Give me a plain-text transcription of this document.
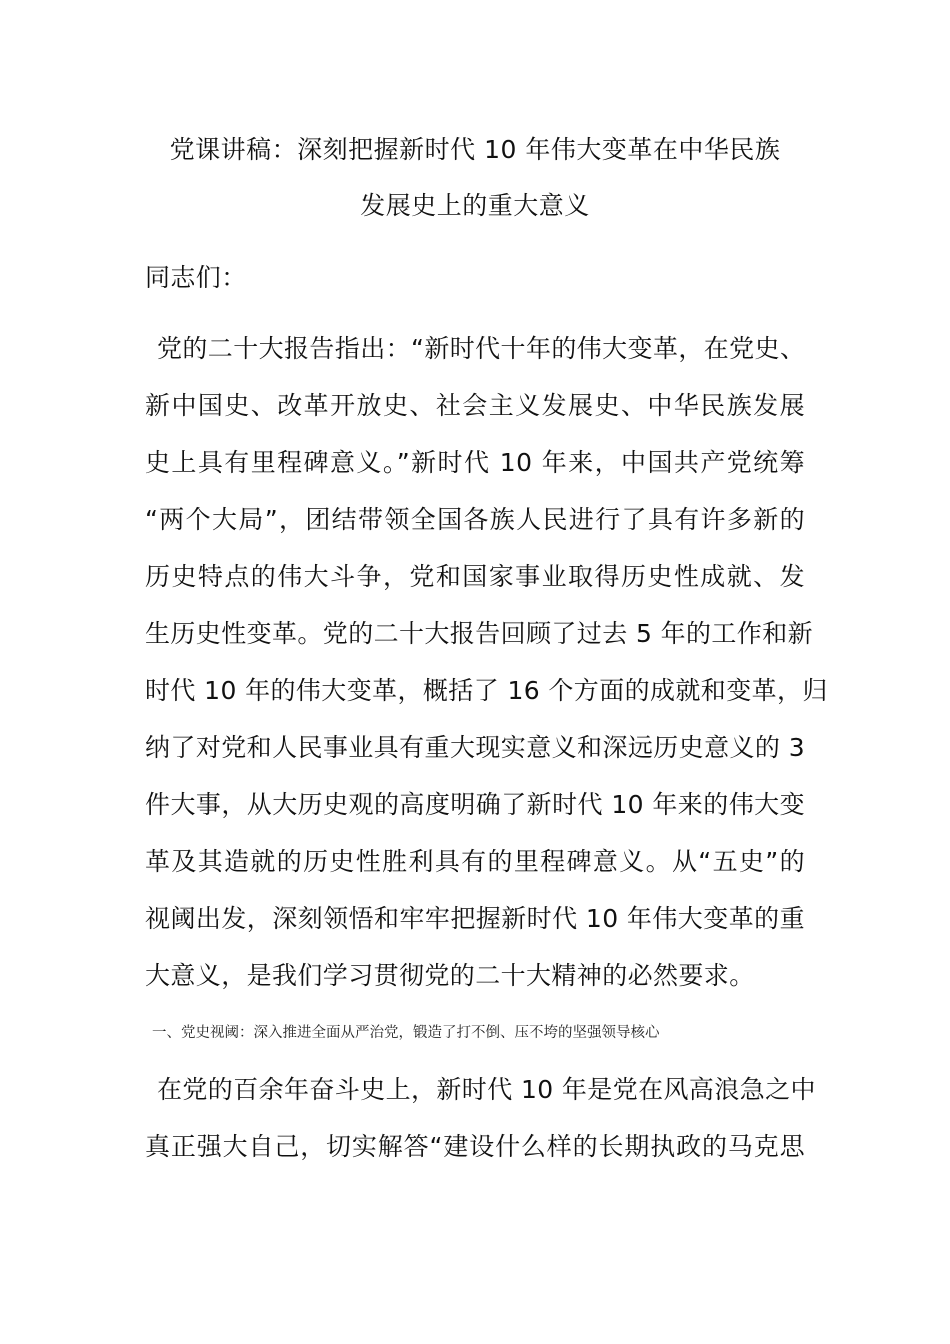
党课讲稿：深刻把握新时代 10 年伟大变革在中华民族
发展史上的重大意义
同志们：
党的二十大报告指出：“新时代十年的伟大变革，在党史、
新中国史、改革开放史、社会主义发展史、中华民族发展
史上具有里程碑意义。”新时代 10 年来，中国共产党统筹
“两个大局”，团结带领全国各族人民进行了具有许多新的
历史特点的伟大斗争，党和国家事业取得历史性成就、发
生历史性变革。党的二十大报告回顾了过去 5 年的工作和新
时代 10 年的伟大变革，概括了 16 个方面的成就和变革，归
纳了对党和人民事业具有重大现实意义和深远历史意义的 3
件大事，从大历史观的高度明确了新时代 10 年来的伟大变
革及其造就的历史性胜利具有的里程碑意义。从“五史”的
视阈出发，深刻领悟和牢牢把握新时代 10 年伟大变革的重
大意义，是我们学习贯彻党的二十大精神的必然要求。
一、党史视阈：深入推进全面从严治党，锻造了打不倒、压不垮的坚强领导核心
在党的百余年奋斗史上，新时代 10 年是党在风高浪急之中
真正强大自己，切实解答“建设什么样的长期执政的马克思
